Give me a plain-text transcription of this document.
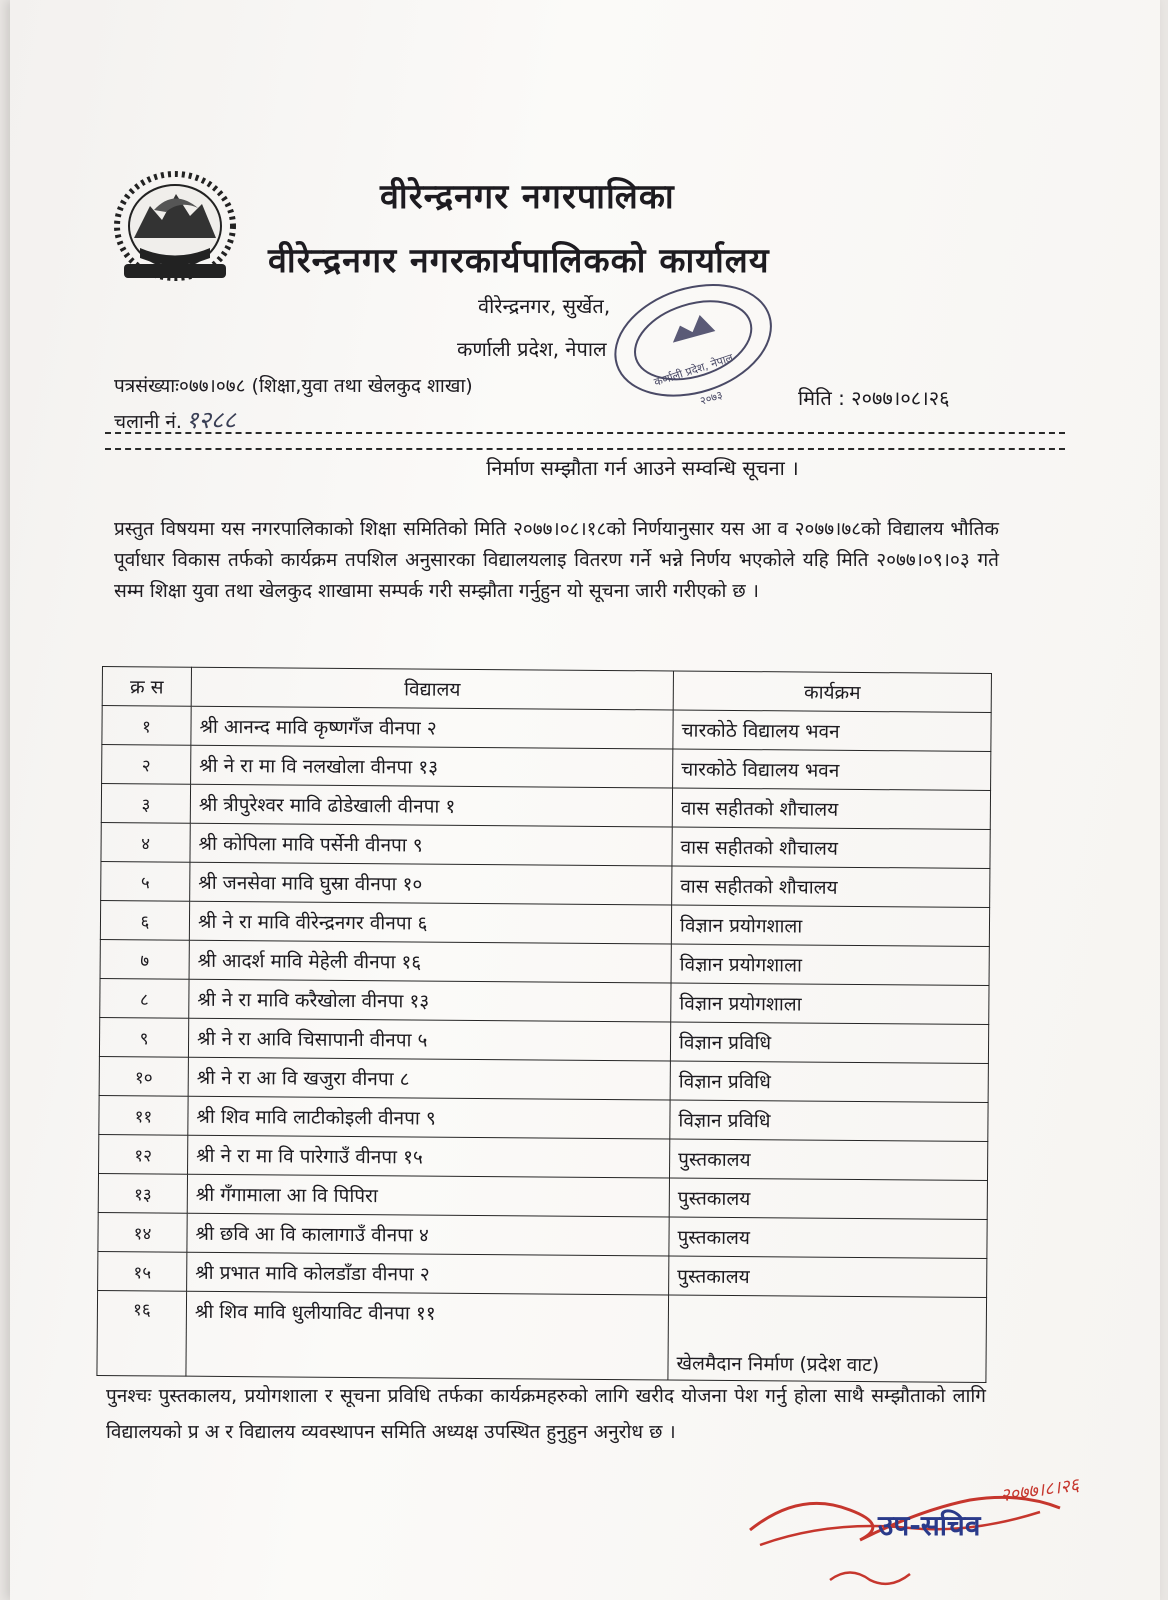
वीरेन्द्रनगर नगरपालिका
वीरेन्द्रनगर नगरकार्यपालिकको कार्यालय
वीरेन्द्रनगर, सुर्खेत,
कर्णाली प्रदेश, नेपाल
कर्णाली प्रदेश, नेपाल
२०७३
पत्रसंख्याः०७७।०७८ (शिक्षा,युवा तथा खेलकुद शाखा)	मिति : २०७७।०८।२६
चलानी नं. १२८८
निर्माण सम्झौता गर्न आउने सम्वन्धि सूचना ।
प्रस्तुत विषयमा यस नगरपालिकाको शिक्षा समितिको मिति २०७७।०८।१८को निर्णयानुसार यस आ व २०७७।७८को विद्यालय भौतिक पूर्वाधार विकास तर्फको कार्यक्रम तपशिल अनुसारका विद्यालयलाइ वितरण गर्ने भन्ने निर्णय भएकोले यहि मिति २०७७।०९।०३ गते सम्म शिक्षा युवा तथा खेलकुद शाखामा सम्पर्क गरी सम्झौता गर्नुहुन यो सूचना जारी गरीएको छ ।
क्र स	विद्यालय	कार्यक्रम
१	श्री आनन्द मावि कृष्णगँज वीनपा २	चारकोठे विद्यालय भवन
२	श्री ने रा मा वि नलखोला वीनपा १३	चारकोठे विद्यालय भवन
३	श्री त्रीपुरेश्वर मावि ढोडेखाली वीनपा १	वास सहीतको शौचालय
४	श्री कोपिला मावि पर्सेनी वीनपा ९	वास सहीतको शौचालय
५	श्री जनसेवा मावि घुस्रा वीनपा १०	वास सहीतको शौचालय
६	श्री ने रा मावि वीरेन्द्रनगर वीनपा ६	विज्ञान प्रयोगशाला
७	श्री आदर्श मावि मेहेली वीनपा १६	विज्ञान प्रयोगशाला
८	श्री ने रा मावि करैखोला वीनपा १३	विज्ञान प्रयोगशाला
९	श्री ने रा आवि चिसापानी वीनपा ५	विज्ञान प्रविधि
१०	श्री ने रा आ वि खजुरा वीनपा ८	विज्ञान प्रविधि
११	श्री शिव मावि लाटीकोइली वीनपा ९	विज्ञान प्रविधि
१२	श्री ने रा मा वि पारेगाउँ वीनपा १५	पुस्तकालय
१३	श्री गँगामाला आ वि पिपिरा	पुस्तकालय
१४	श्री छवि आ वि कालागाउँ वीनपा ४	पुस्तकालय
१५	श्री प्रभात मावि कोलडाँडा वीनपा २	पुस्तकालय
१६	श्री शिव मावि धुलीयाविट वीनपा ११	खेलमैदान निर्माण (प्रदेश वाट)
पुनश्चः पुस्तकालय, प्रयोगशाला र सूचना प्रविधि तर्फका कार्यक्रमहरुको लागि खरीद योजना पेश गर्नु होला साथै सम्झौताको लागि विद्यालयको प्र अ र विद्यालय व्यवस्थापन समिति अध्यक्ष उपस्थित हुनुहुन अनुरोध छ ।
उप-सचिव
२०७७।८।२६
